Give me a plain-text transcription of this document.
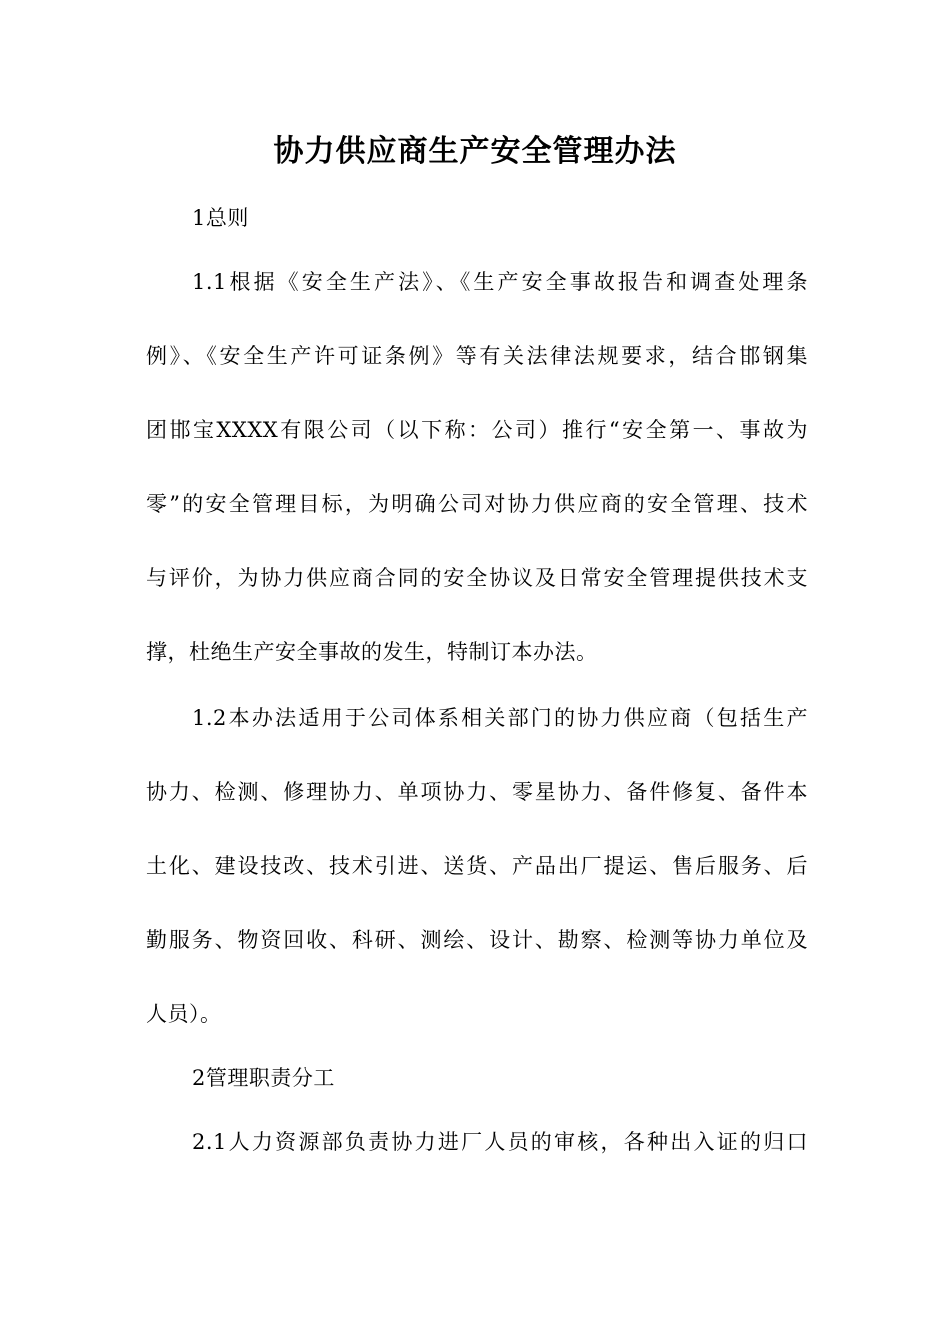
协力供应商生产安全管理办法
1总则
1.1根据《安全生产法》、《生产安全事故报告和调查处理条
例》、《安全生产许可证条例》等有关法律法规要求，结合邯钢集
团邯宝XXXX有限公司（以下称：公司）推行“安全第一、事故为
零”的安全管理目标，为明确公司对协力供应商的安全管理、技术
与评价，为协力供应商合同的安全协议及日常安全管理提供技术支
撑，杜绝生产安全事故的发生，特制订本办法。
1.2本办法适用于公司体系相关部门的协力供应商（包括生产
协力、检测、修理协力、单项协力、零星协力、备件修复、备件本
土化、建设技改、技术引进、送货、产品出厂提运、售后服务、后
勤服务、物资回收、科研、测绘、设计、勘察、检测等协力单位及
人员）。
2管理职责分工
2.1人力资源部负责协力进厂人员的审核，各种出入证的归口
